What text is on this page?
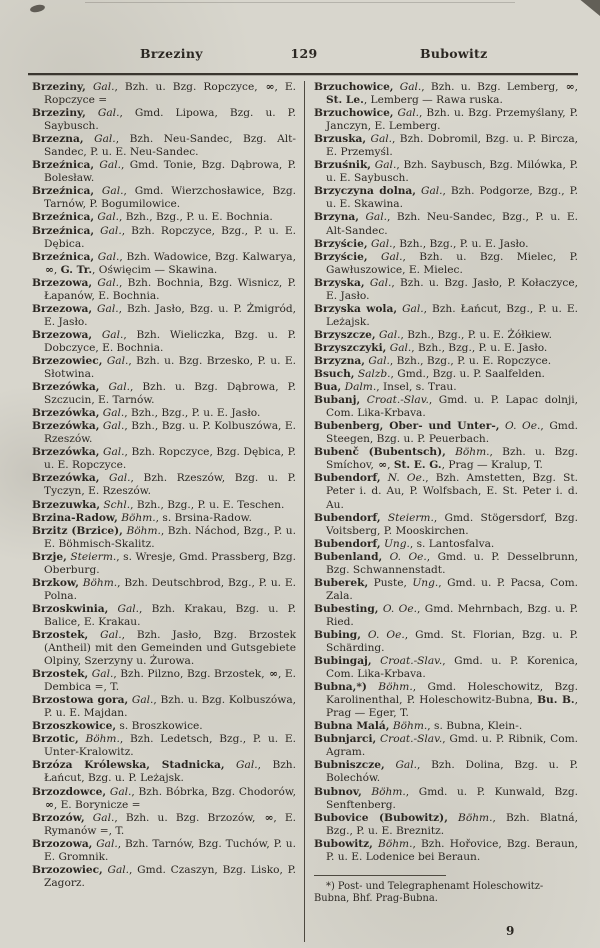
Brzeziny	129	Bubowitz

Brzeziny, Gal., Bzh. u. Bzg. Ropczyce, ∞, E. Ropczyce =

Brzeziny, Gal., Gmd. Lipowa, Bzg. u. P. Saybusch.

Brzezna, Gal., Bzh. Neu-Sandec, Bzg. Alt-Sandec, P. u. E. Neu-Sandec.

Brzeźnica, Gal., Gmd. Tonie, Bzg. Dąbrowa, P. Bolesław.

Brzeźnica, Gal., Gmd. Wierzchosławice, Bzg. Tarnów, P. Bogumilowice.

Brzeźnica, Gal., Bzh., Bzg., P. u. E. Bochnia.

Brzeźnica, Gal., Bzh. Ropczyce, Bzg., P. u. E. Dębica.

Brzeźnica, Gal., Bzh. Wadowice, Bzg. Kalwarya, ∞, G. Tr., Oświęcim — Skawina.

Brzezowa, Gal., Bzh. Bochnia, Bzg. Wisnicz, P. Łapanów, E. Bochnia.

Brzezowa, Gal., Bzh. Jasło, Bzg. u. P. Żmigród, E. Jasło.

Brzezowa, Gal., Bzh. Wieliczka, Bzg. u. P. Dobczyce, E. Bochnia.

Brzezowiec, Gal., Bzh. u. Bzg. Brzesko, P. u. E. Słotwina.

Brzezówka, Gal., Bzh. u. Bzg. Dąbrowa, P. Szczucin, E. Tarnów.

Brzezówka, Gal., Bzh., Bzg., P. u. E. Jasło.

Brzezówka, Gal., Bzh., Bzg. u. P. Kolbuszówa, E. Rzeszów.

Brzezówka, Gal., Bzh. Ropczyce, Bzg. Dębica, P. u. E. Ropczyce.

Brzezówka, Gal., Bzh. Rzeszów, Bzg. u. P. Tyczyn, E. Rzeszów.

Brzezuwka, Schl., Bzh., Bzg., P. u. E. Teschen.

Brzina-Radow, Böhm., s. Brsina-Radow.

Brzitz (Brzice), Böhm., Bzh. Náchod, Bzg., P. u. E. Böhmisch-Skalitz.

Brzje, Steierm., s. Wresje, Gmd. Prassberg, Bzg. Oberburg.

Brzkow, Böhm., Bzh. Deutschbrod, Bzg., P. u. E. Polna.

Brzoskwinia, Gal., Bzh. Krakau, Bzg. u. P. Balice, E. Krakau.

Brzostek, Gal., Bzh. Jasło, Bzg. Brzostek (Antheil) mit den Gemeinden und Gutsgebiete Olpiny, Szerzyny u. Żurowa.

Brzostek, Gal., Bzh. Pilzno, Bzg. Brzostek, ∞, E. Dembica =, T.

Brzostowa gora, Gal., Bzh. u. Bzg. Kolbuszówa, P. u. E. Majdan.

Brzoszkowice, s. Broszkowice.

Brzotic, Böhm., Bzh. Ledetsch, Bzg., P. u. E. Unter-Kralowitz.

Brzóza Królewska, Stadnicka, Gal., Bzh. Łańcut, Bzg. u. P. Leżajsk.

Brzozdowce, Gal., Bzh. Bóbrka, Bzg. Chodorów, ∞, E. Borynicze =

Brzozów, Gal., Bzh. u. Bzg. Brzozów, ∞, E. Rymanów =, T.

Brzozowa, Gal., Bzh. Tarnów, Bzg. Tuchów, P. u. E. Gromnik.

Brzozowiec, Gal., Gmd. Czaszyn, Bzg. Lisko, P. Zagorz.

Brzuchowice, Gal., Bzh. u. Bzg. Lemberg, ∞, St. Le., Lemberg — Rawa ruska.

Brzuchowice, Gal., Bzh. u. Bzg. Przemyślany, P. Janczyn, E. Lemberg.

Brzuska, Gal., Bzh. Dobromil, Bzg. u. P. Bircza, E. Przemyśl.

Brzuśnik, Gal., Bzh. Saybusch, Bzg. Milówka, P. u. E. Saybusch.

Brzyczyna dolna, Gal., Bzh. Podgorze, Bzg., P. u. E. Skawina.

Brzyna, Gal., Bzh. Neu-Sandec, Bzg., P. u. E. Alt-Sandec.

Brzyście, Gal., Bzh., Bzg., P. u. E. Jasło.

Brzyście, Gal., Bzh. u. Bzg. Mielec, P. Gawłuszowice, E. Mielec.

Brzyska, Gal., Bzh. u. Bzg. Jasło, P. Kołaczyce, E. Jasło.

Brzyska wola, Gal., Bzh. Łańcut, Bzg., P. u. E. Leżajsk.

Brzyszcze, Gal., Bzh., Bzg., P. u. E. Żółkiew.

Brzyszczyki, Gal., Bzh., Bzg., P. u. E. Jasło.

Brzyzna, Gal., Bzh., Bzg., P. u. E. Ropczyce.

Bsuch, Salzb., Gmd., Bzg. u. P. Saalfelden.

Bua, Dalm., Insel, s. Trau.

Bubanj, Croat.-Slav., Gmd. u. P. Lapac dolnji, Com. Lika-Krbava.

Bubenberg, Ober- und Unter-, O. Oe., Gmd. Steegen, Bzg. u. P. Peuerbach.

Bubenč (Bubentsch), Böhm., Bzh. u. Bzg. Smíchov, ∞, St. E. G., Prag — Kralup, T.

Bubendorf, N. Oe., Bzh. Amstetten, Bzg. St. Peter i. d. Au, P. Wolfsbach, E. St. Peter i. d. Au.

Bubendorf, Steierm., Gmd. Stögersdorf, Bzg. Voitsberg, P. Mooskirchen.

Bubendorf, Ung., s. Lantosfalva.

Bubenland, O. Oe., Gmd. u. P. Desselbrunn, Bzg. Schwannenstadt.

Buberek, Puste, Ung., Gmd. u. P. Pacsa, Com. Zala.

Bubesting, O. Oe., Gmd. Mehrnbach, Bzg. u. P. Ried.

Bubing, O. Oe., Gmd. St. Florian, Bzg. u. P. Schärding.

Bubingaj, Croat.-Slav., Gmd. u. P. Korenica, Com. Lika-Krbava.

Bubna,*) Böhm., Gmd. Holeschowitz, Bzg. Karolinenthal, P. Holeschowitz-Bubna, Bu. B., Prag — Eger, T.

Bubna Malá, Böhm., s. Bubna, Klein-.

Bubnjarci, Croat.-Slav., Gmd. u. P. Ribnik, Com. Agram.

Bubniszcze, Gal., Bzh. Dolina, Bzg. u. P. Bolechów.

Bubnov, Böhm., Gmd. u. P. Kunwald, Bzg. Senftenberg.

Bubovice (Bubowitz), Böhm., Bzh. Blatná, Bzg., P. u. E. Breznitz.

Bubowitz, Böhm., Bzh. Hořovice, Bzg. Beraun, P. u. E. Lodenice bei Beraun.

*) Post- und Telegraphenamt Holeschowitz-Bubna, Bhf. Prag-Bubna.

9
